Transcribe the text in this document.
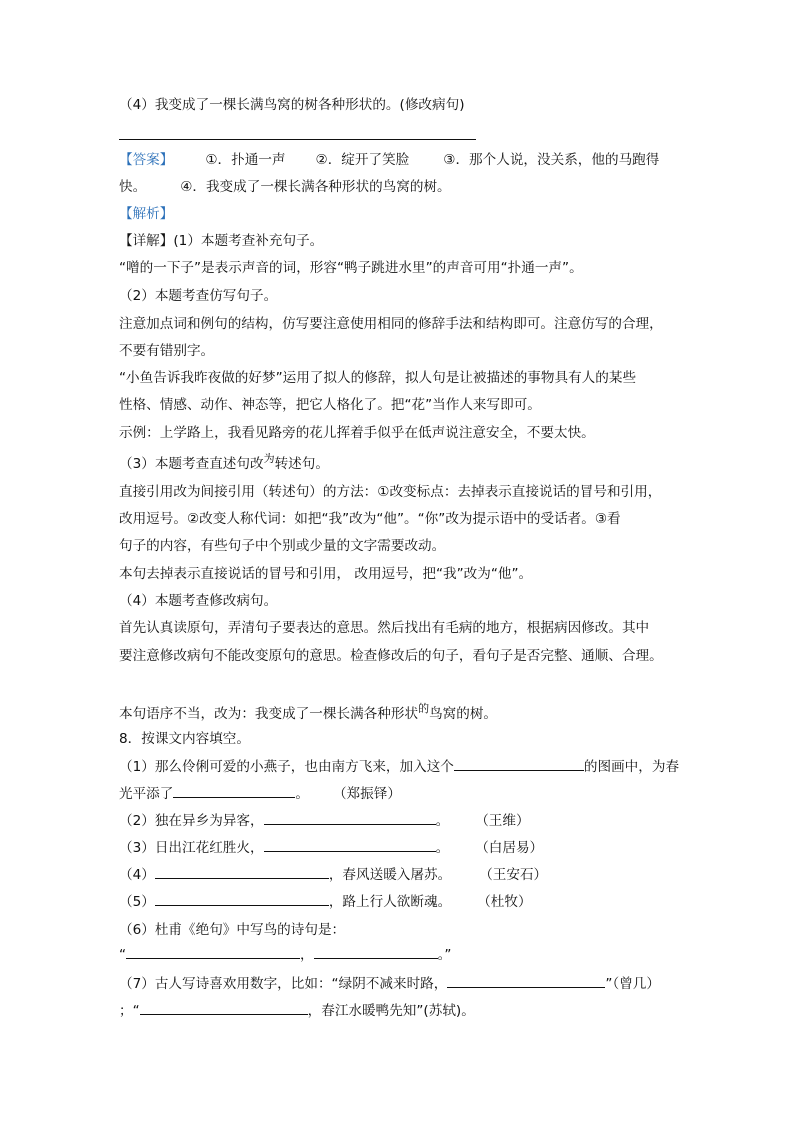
（4）我变成了一棵长满鸟窝的树各种形状的。(修改病句)
【答案】 ①．扑通一声 ②．绽开了笑脸	③．那个人说，没关系，他的马跑得
快。	④．我变成了一棵长满各种形状的鸟窝的树。
【解析】
【详解】(1）本题考查补充句子。
“噌的一下子”是表示声音的词，形容“鸭子跳进水里”的声音可用“扑通一声”。
（2）本题考查仿写句子。
注意加点词和例句的结构，仿写要注意使用相同的修辞手法和结构即可。注意仿写的合理，
不要有错别字。
“小鱼告诉我昨夜做的好梦”运用了拟人的修辞，拟人句是让被描述的事物具有人的某些
性格、情感、动作、神态等，把它人格化了。把“花”当作人来写即可。
示例：上学路上，我看见路旁的花儿挥着手似乎在低声说注意安全，不要太快。
（3）本题考查直述句改$^为$转述句。
直接引用改为间接引用（转述句）的方法：①改变标点：去掉表示直接说话的冒号和引用，
改用逗号。②改变人称代词：如把“我”改为“他”。“你”改为提示语中的受话者。③看
句子的内容，有些句子中个别或少量的文字需要改动。
本句去掉表示直接说话的冒号和引用， 改用逗号，把“我”改为“他”。
（4）本题考查修改病句。
首先认真读原句，弄清句子要表达的意思。然后找出有毛病的地方，根据病因修改。其中
要注意修改病句不能改变原句的意思。检查修改后的句子，看句子是否完整、通顺、合理。
本句语序不当，改为：我变成了一棵长满各种形状$^的$鸟窝的树。
8．按课文内容填空。
（1）那么伶俐可爱的小燕子，也由南方飞来，加入这个	的图画中，为春
光平添了	。 （郑振铎）
（2）独在异乡为异客，	。 （王维）
（3）日出江花红胜火，	。 （白居易）
（4）	，春风送暖入屠苏。 （王安石）
（5）	，路上行人欲断魂。 （杜牧）
（6）杜甫《绝句》中写鸟的诗句是：
“	，	。”
（7）古人写诗喜欢用数字，比如：“绿阴不减来时路，	”（曾几）
；“	，春江水暖鸭先知”(苏轼)。
